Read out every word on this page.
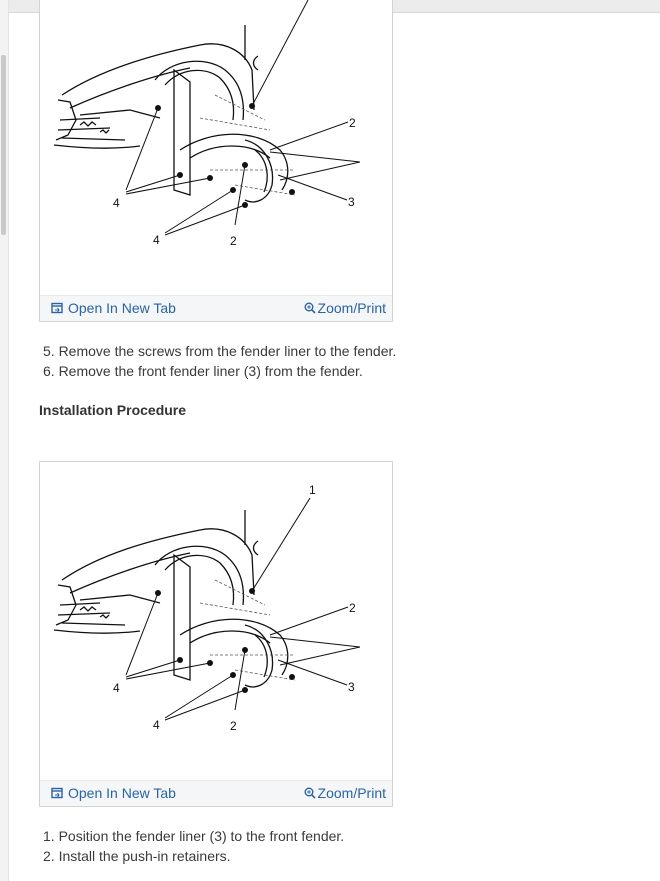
2
3
4
4	2
Open In New Tab	Zoom/Print
5. Remove the screws from the fender liner to the fender.
6. Remove the front fender liner (3) from the fender.
Installation Procedure
1
2
3
4
4	2
Open In New Tab	Zoom/Print
1. Position the fender liner (3) to the front fender.
2. Install the push-in retainers.
